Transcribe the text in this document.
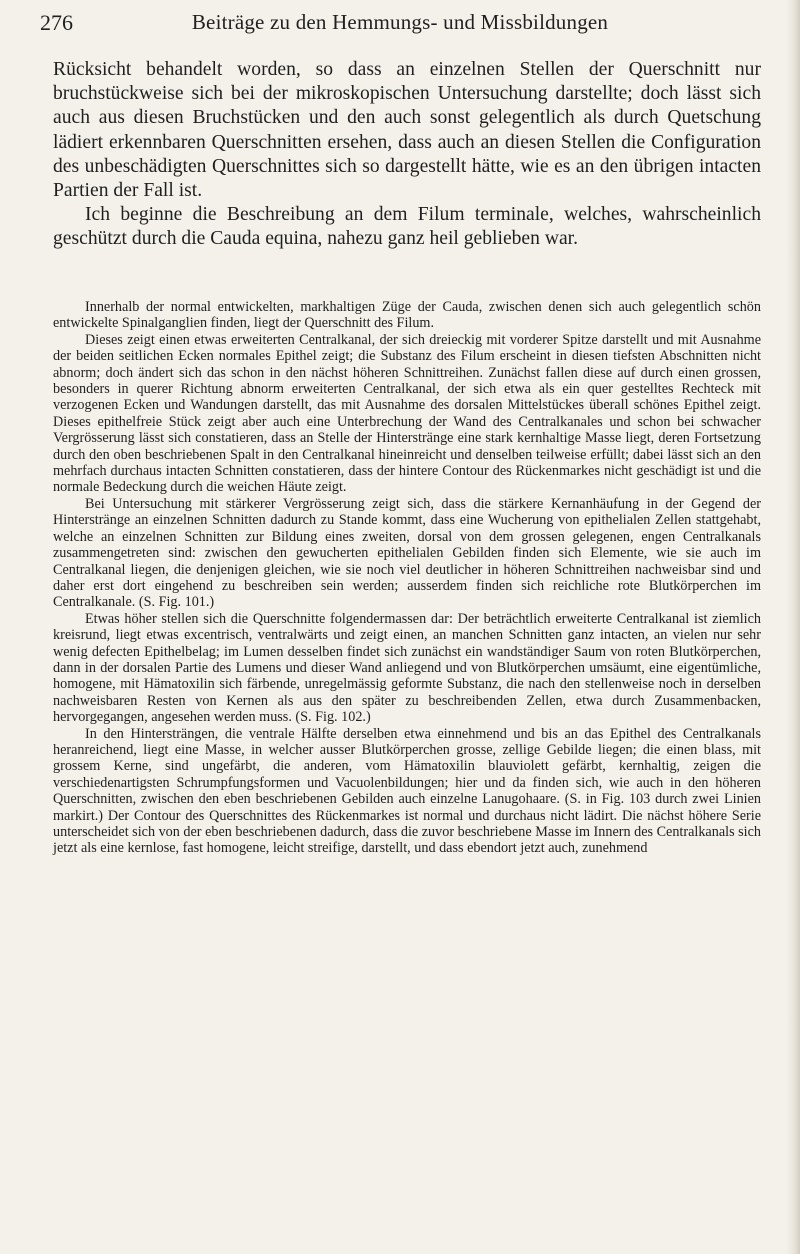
276	Beiträge zu den Hemmungs- und Missbildungen

Rücksicht behandelt worden, so dass an einzelnen Stellen der Querschnitt nur bruchstückweise sich bei der mikroskopischen Untersuchung darstellte; doch lässt sich auch aus diesen Bruchstücken und den auch sonst gelegentlich als durch Quetschung lädiert erkennbaren Querschnitten ersehen, dass auch an diesen Stellen die Configuration des unbeschädigten Querschnittes sich so dargestellt hätte, wie es an den übrigen intacten Partien der Fall ist.

Ich beginne die Beschreibung an dem Filum terminale, welches, wahrscheinlich geschützt durch die Cauda equina, nahezu ganz heil geblieben war.

Innerhalb der normal entwickelten, markhaltigen Züge der Cauda, zwischen denen sich auch gelegentlich schön entwickelte Spinalganglien finden, liegt der Querschnitt des Filum.

Dieses zeigt einen etwas erweiterten Centralkanal, der sich dreieckig mit vorderer Spitze darstellt und mit Ausnahme der beiden seitlichen Ecken normales Epithel zeigt; die Substanz des Filum erscheint in diesen tiefsten Abschnitten nicht abnorm; doch ändert sich das schon in den nächst höheren Schnittreihen. Zunächst fallen diese auf durch einen grossen, besonders in querer Richtung abnorm erweiterten Centralkanal, der sich etwa als ein quer gestelltes Rechteck mit verzogenen Ecken und Wandungen darstellt, das mit Ausnahme des dorsalen Mittelstückes überall schönes Epithel zeigt. Dieses epithelfreie Stück zeigt aber auch eine Unterbrechung der Wand des Centralkanales und schon bei schwacher Vergrösserung lässt sich constatieren, dass an Stelle der Hinterstränge eine stark kernhaltige Masse liegt, deren Fortsetzung durch den oben beschriebenen Spalt in den Centralkanal hineinreicht und denselben teilweise erfüllt; dabei lässt sich an den mehrfach durchaus intacten Schnitten constatieren, dass der hintere Contour des Rückenmarkes nicht geschädigt ist und die normale Bedeckung durch die weichen Häute zeigt.

Bei Untersuchung mit stärkerer Vergrösserung zeigt sich, dass die stärkere Kernanhäufung in der Gegend der Hinterstränge an einzelnen Schnitten dadurch zu Stande kommt, dass eine Wucherung von epithelialen Zellen stattgehabt, welche an einzelnen Schnitten zur Bildung eines zweiten, dorsal von dem grossen gelegenen, engen Centralkanals zusammengetreten sind: zwischen den gewucherten epithelialen Gebilden finden sich Elemente, wie sie auch im Centralkanal liegen, die denjenigen gleichen, wie sie noch viel deutlicher in höheren Schnittreihen nachweisbar sind und daher erst dort eingehend zu beschreiben sein werden; ausserdem finden sich reichliche rote Blutkörperchen im Centralkanale. (S. Fig. 101.)

Etwas höher stellen sich die Querschnitte folgendermassen dar: Der beträchtlich erweiterte Centralkanal ist ziemlich kreisrund, liegt etwas excentrisch, ventralwärts und zeigt einen, an manchen Schnitten ganz intacten, an vielen nur sehr wenig defecten Epithelbelag; im Lumen desselben findet sich zunächst ein wandständiger Saum von roten Blutkörperchen, dann in der dorsalen Partie des Lumens und dieser Wand anliegend und von Blutkörperchen umsäumt, eine eigentümliche, homogene, mit Hämatoxilin sich färbende, unregelmässig geformte Substanz, die nach den stellenweise noch in derselben nachweisbaren Resten von Kernen als aus den später zu beschreibenden Zellen, etwa durch Zusammenbacken, hervorgegangen, angesehen werden muss. (S. Fig. 102.)

In den Hintersträngen, die ventrale Hälfte derselben etwa einnehmend und bis an das Epithel des Centralkanals heranreichend, liegt eine Masse, in welcher ausser Blutkörperchen grosse, zellige Gebilde liegen; die einen blass, mit grossem Kerne, sind ungefärbt, die anderen, vom Hämatoxilin blauviolett gefärbt, kernhaltig, zeigen die verschiedenartigsten Schrumpfungsformen und Vacuolenbildungen; hier und da finden sich, wie auch in den höheren Querschnitten, zwischen den eben beschriebenen Gebilden auch einzelne Lanugohaare. (S. in Fig. 103 durch zwei Linien markirt.) Der Contour des Querschnittes des Rückenmarkes ist normal und durchaus nicht lädirt. Die nächst höhere Serie unterscheidet sich von der eben beschriebenen dadurch, dass die zuvor beschriebene Masse im Innern des Centralkanals sich jetzt als eine kernlose, fast homogene, leicht streifige, darstellt, und dass ebendort jetzt auch, zunehmend
